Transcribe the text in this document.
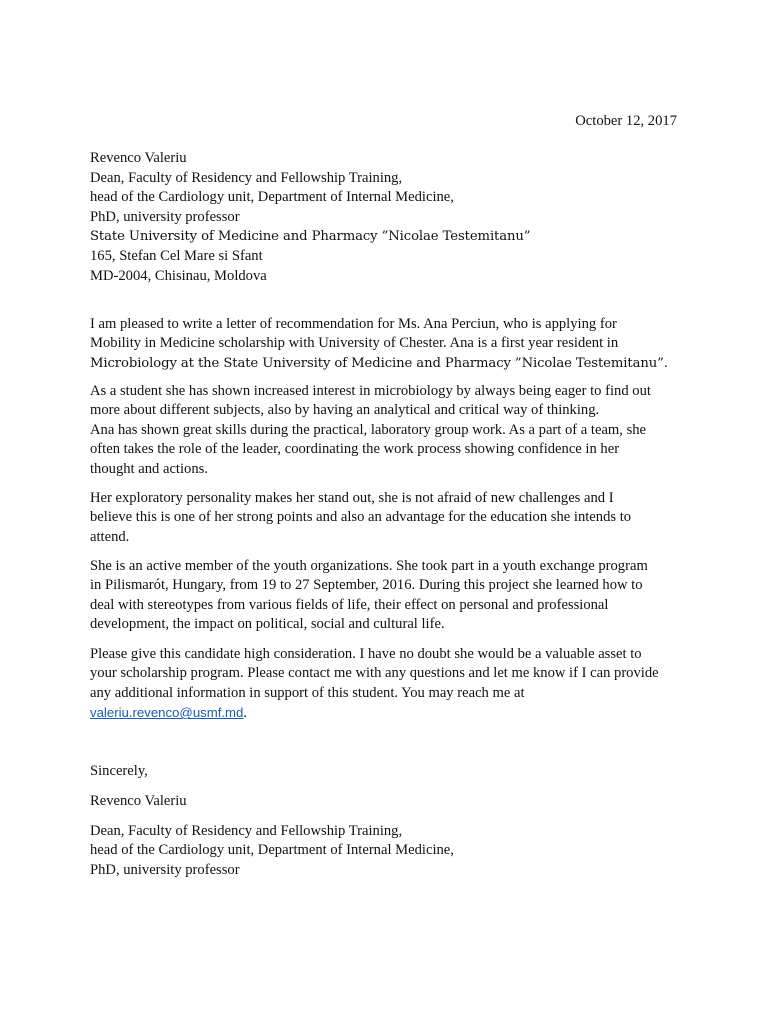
October 12, 2017
Revenco Valeriu
Dean, Faculty of Residency and Fellowship Training,
head of the Cardiology unit, Department of Internal Medicine,
PhD, university professor
State University of Medicine and Pharmacy ”Nicolae Testemitanu”
165, Stefan Cel Mare si Sfant
MD-2004, Chisinau, Moldova
I am pleased to write a letter of recommendation for Ms. Ana Perciun, who is applying for
Mobility in Medicine scholarship with University of Chester. Ana is a first year resident in
Microbiology at the State University of Medicine and Pharmacy ”Nicolae Testemitanu”.
As a student she has shown increased interest in microbiology by always being eager to find out
more about different subjects, also by having an analytical and critical way of thinking.
Ana has shown great skills during the practical, laboratory group work. As a part of a team, she
often takes the role of the leader, coordinating the work process showing confidence in her
thought and actions.
Her exploratory personality makes her stand out, she is not afraid of new challenges and I
believe this is one of her strong points and also an advantage for the education she intends to
attend.
She is an active member of the youth organizations. She took part in a youth exchange program
in Pilismarót, Hungary, from 19 to 27 September, 2016. During this project she learned how to
deal with stereotypes from various fields of life, their effect on personal and professional
development, the impact on political, social and cultural life.
Please give this candidate high consideration. I have no doubt she would be a valuable asset to
your scholarship program. Please contact me with any questions and let me know if I can provide
any additional information in support of this student. You may reach me at
valeriu.revenco@usmf.md.
Sincerely,
Revenco Valeriu
Dean, Faculty of Residency and Fellowship Training,
head of the Cardiology unit, Department of Internal Medicine,
PhD, university professor
